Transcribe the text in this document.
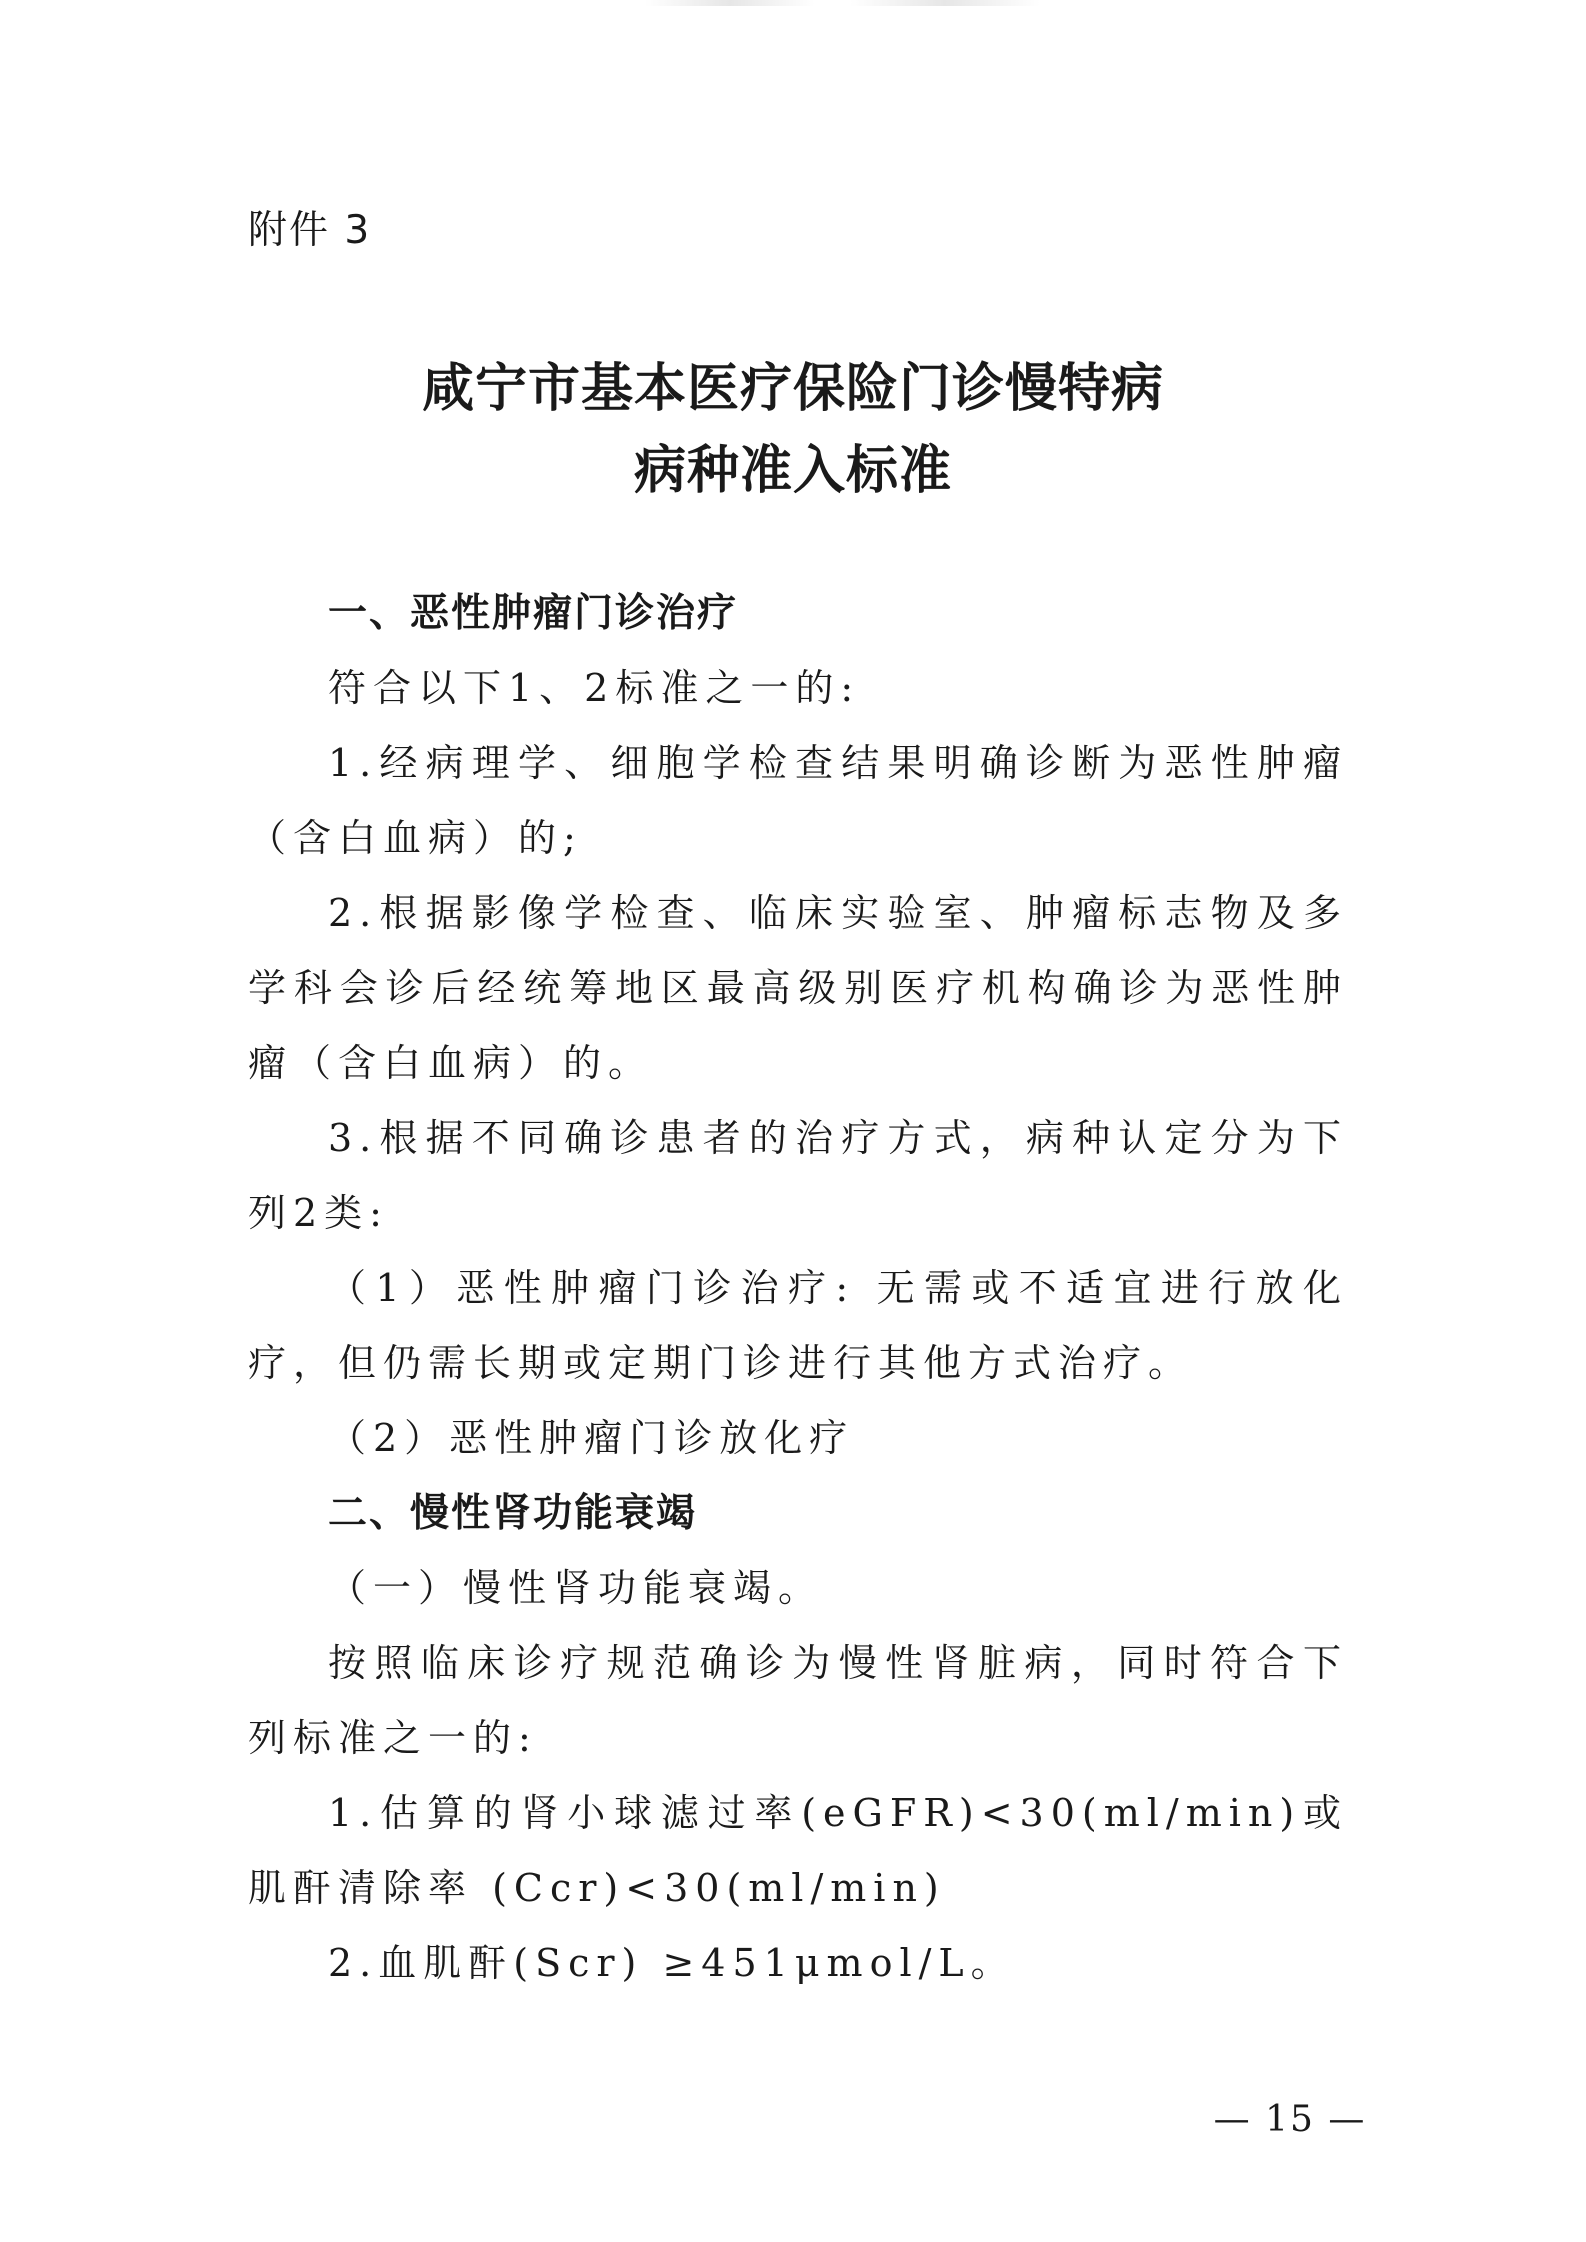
附件 3
咸宁市基本医疗保险门诊慢特病
病种准入标准

一、恶性肿瘤门诊治疗

符合以下1、2标准之一的:

1.经病理学、细胞学检查结果明确诊断为恶性肿瘤（含白血病）的;

2.根据影像学检查、临床实验室、肿瘤标志物及多学科会诊后经统筹地区最高级别医疗机构确诊为恶性肿瘤（含白血病）的。

3.根据不同确诊患者的治疗方式，病种认定分为下列2类:

（1）恶性肿瘤门诊治疗: 无需或不适宜进行放化疗，但仍需长期或定期门诊进行其他方式治疗。

（2）恶性肿瘤门诊放化疗

二、慢性肾功能衰竭

（一）慢性肾功能衰竭。

按照临床诊疗规范确诊为慢性肾脏病，同时符合下列标准之一的:

1.估算的肾小球滤过率(eGFR)<30(ml/min)或肌酐清除率 (Ccr)<30(ml/min)

2.血肌酐(Scr) ≥451μmol/L。

— 15 —
